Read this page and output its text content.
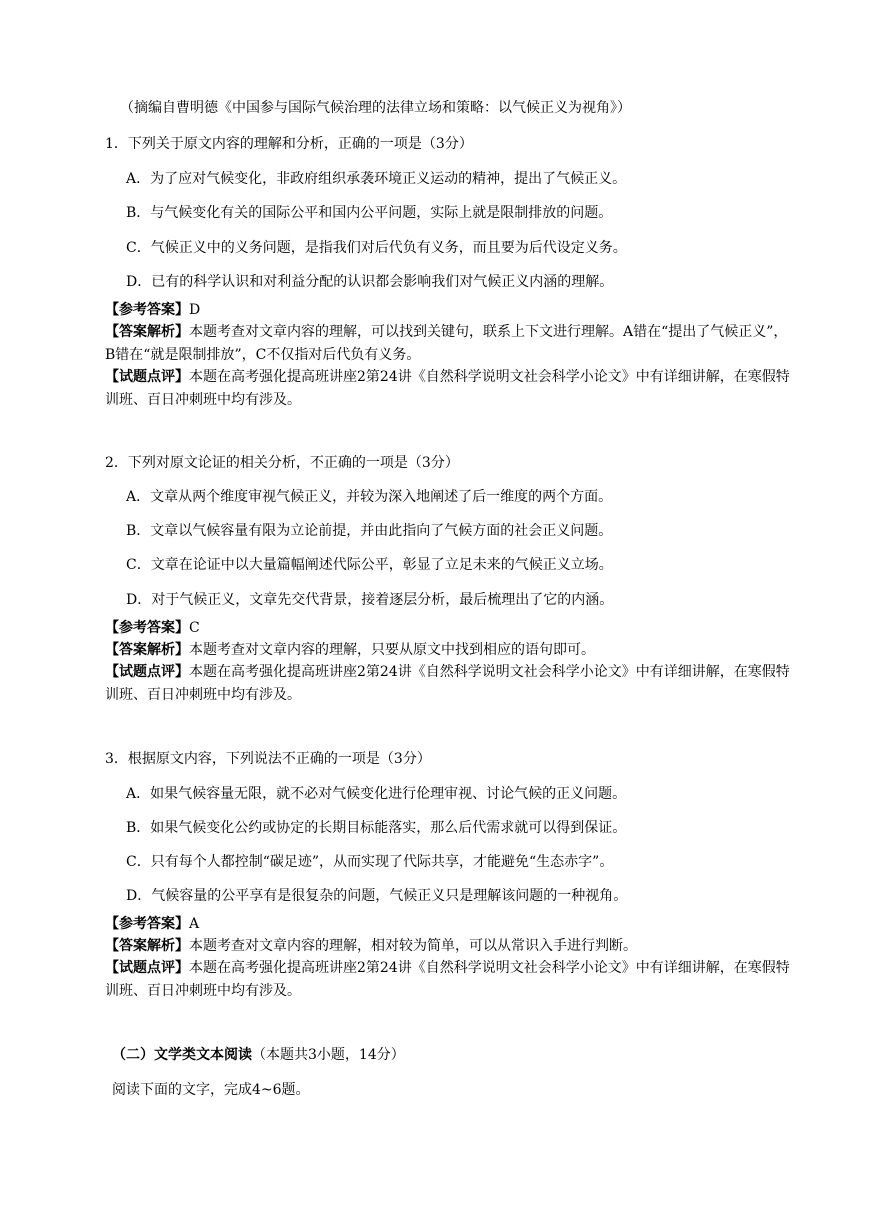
（摘编自曹明德《中国参与国际气候治理的法律立场和策略：以气候正义为视角》）
1．下列关于原文内容的理解和分析，正确的一项是（3分）
A．为了应对气候变化，非政府组织承袭环境正义运动的精神，提出了气候正义。
B．与气候变化有关的国际公平和国内公平问题，实际上就是限制排放的问题。
C．气候正义中的义务问题，是指我们对后代负有义务，而且要为后代设定义务。
D．已有的科学认识和对利益分配的认识都会影响我们对气候正义内涵的理解。
【参考答案】D
【答案解析】本题考查对文章内容的理解，可以找到关键句，联系上下文进行理解。A错在“提出了气候正义”，B错在“就是限制排放”，C不仅指对后代负有义务。
【试题点评】本题在高考强化提高班讲座2第24讲《自然科学说明文社会科学小论文》中有详细讲解，在寒假特训班、百日冲刺班中均有涉及。
2．下列对原文论证的相关分析，不正确的一项是（3分）
A．文章从两个维度审视气候正义，并较为深入地阐述了后一维度的两个方面。
B．文章以气候容量有限为立论前提，并由此指向了气候方面的社会正义问题。
C．文章在论证中以大量篇幅阐述代际公平，彰显了立足未来的气候正义立场。
D．对于气候正义，文章先交代背景，接着逐层分析，最后梳理出了它的内涵。
【参考答案】C
【答案解析】本题考查对文章内容的理解，只要从原文中找到相应的语句即可。
【试题点评】本题在高考强化提高班讲座2第24讲《自然科学说明文社会科学小论文》中有详细讲解，在寒假特训班、百日冲刺班中均有涉及。
3．根据原文内容，下列说法不正确的一项是（3分）
A．如果气候容量无限，就不必对气候变化进行伦理审视、讨论气候的正义问题。
B．如果气候变化公约或协定的长期目标能落实，那么后代需求就可以得到保证。
C．只有每个人都控制“碳足迹”，从而实现了代际共享，才能避免“生态赤字”。
D．气候容量的公平享有是很复杂的问题，气候正义只是理解该问题的一种视角。
【参考答案】A
【答案解析】本题考查对文章内容的理解，相对较为简单，可以从常识入手进行判断。
【试题点评】本题在高考强化提高班讲座2第24讲《自然科学说明文社会科学小论文》中有详细讲解，在寒假特训班、百日冲刺班中均有涉及。
（二）文学类文本阅读（本题共3小题，14分）
阅读下面的文字，完成4~6题。
